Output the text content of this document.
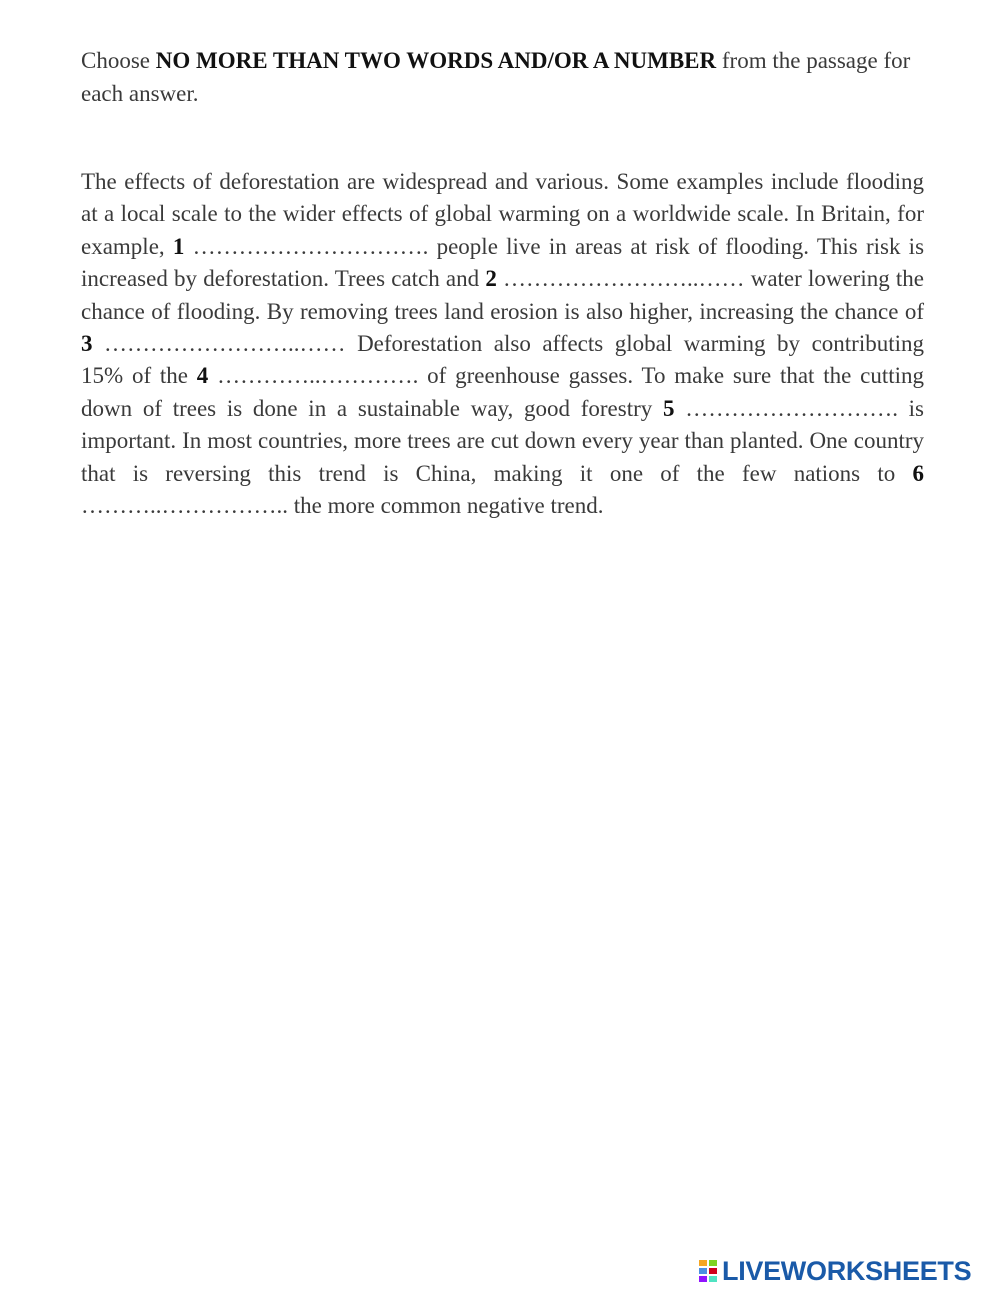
Choose NO MORE THAN TWO WORDS AND/OR A NUMBER from the passage for each answer.

The effects of deforestation are widespread and various. Some examples include flooding at a local scale to the wider effects of global warming on a worldwide scale. In Britain, for example, 1 …………………………. people live in areas at risk of flooding. This risk is increased by deforestation. Trees catch and 2 ……………………..…… water lowering the chance of flooding. By removing trees land erosion is also higher, increasing the chance of 3 ……………………..…… Deforestation also affects global warming by contributing 15% of the 4 …………..…………. of greenhouse gasses. To make sure that the cutting down of trees is done in a sustainable way, good forestry 5 ………………………. is important. In most countries, more trees are cut down every year than planted. One country that is reversing this trend is China, making it one of the few nations to 6 ………..…………….. the more common negative trend.

LIVEWORKSHEETS
